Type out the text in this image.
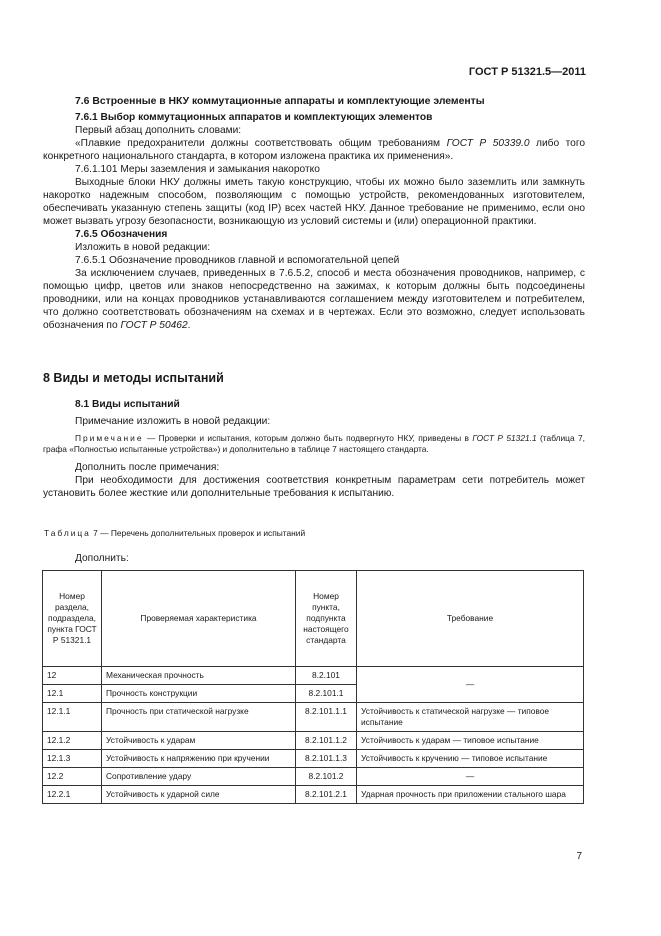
ГОСТ Р 51321.5—2011

7.6 Встроенные в НКУ коммутационные аппараты и комплектующие элементы

7.6.1 Выбор коммутационных аппаратов и комплектующих элементов

Первый абзац дополнить словами:

«Плавкие предохранители должны соответствовать общим требованиям ГОСТ Р 50339.0 либо того конкретного национального стандарта, в котором изложена практика их применения».

7.6.1.101 Меры заземления и замыкания накоротко

Выходные блоки НКУ должны иметь такую конструкцию, чтобы их можно было заземлить или замкнуть накоротко надежным способом, позволяющим с помощью устройств, рекомендованных изготовителем, обеспечивать указанную степень защиты (код IP) всех частей НКУ. Данное требование не применимо, если оно может вызвать угрозу безопасности, возникающую из условий системы и (или) операционной практики.

7.6.5 Обозначения

Изложить в новой редакции:

7.6.5.1 Обозначение проводников главной и вспомогательной цепей

За исключением случаев, приведенных в 7.6.5.2, способ и места обозначения проводников, например, с помощью цифр, цветов или знаков непосредственно на зажимах, к которым должны быть подсоединены проводники, или на концах проводников устанавливаются соглашением между изготовителем и потребителем, что должно соответствовать обозначениям на схемах и в чертежах. Если это возможно, следует использовать обозначения по ГОСТ Р 50462.

8 Виды и методы испытаний

8.1 Виды испытаний

Примечание изложить в новой редакции:

Примечание — Проверки и испытания, которым должно быть подвергнуто НКУ, приведены в ГОСТ Р 51321.1 (таблица 7, графа «Полностью испытанные устройства») и дополнительно в таблице 7 настоящего стандарта.

Дополнить после примечания:

При необходимости для достижения соответствия конкретным параметрам сети потребитель может установить более жесткие или дополнительные требования к испытанию.

Таблица 7 — Перечень дополнительных проверок и испытаний
Дополнить:
Номер раздела, подраздела, пункта ГОСТ Р 51321.1	Проверяемая характеристика	Номер пункта, подпункта настоящего стандарта	Требование
12	Механическая прочность	8.2.101	—
12.1	Прочность конструкции	8.2.101.1	
12.1.1	Прочность при статической нагрузке	8.2.101.1.1	Устойчивость к статической нагрузке — типовое испытание
12.1.2	Устойчивость к ударам	8.2.101.1.2	Устойчивость к ударам — типовое испытание
12.1.3	Устойчивость к напряжению при кручении	8.2.101.1.3	Устойчивость к кручению — типовое испытание
12.2	Сопротивление удару	8.2.101.2	—
12.2.1	Устойчивость к ударной силе	8.2.101.2.1	Ударная прочность при приложении стального шара
7
